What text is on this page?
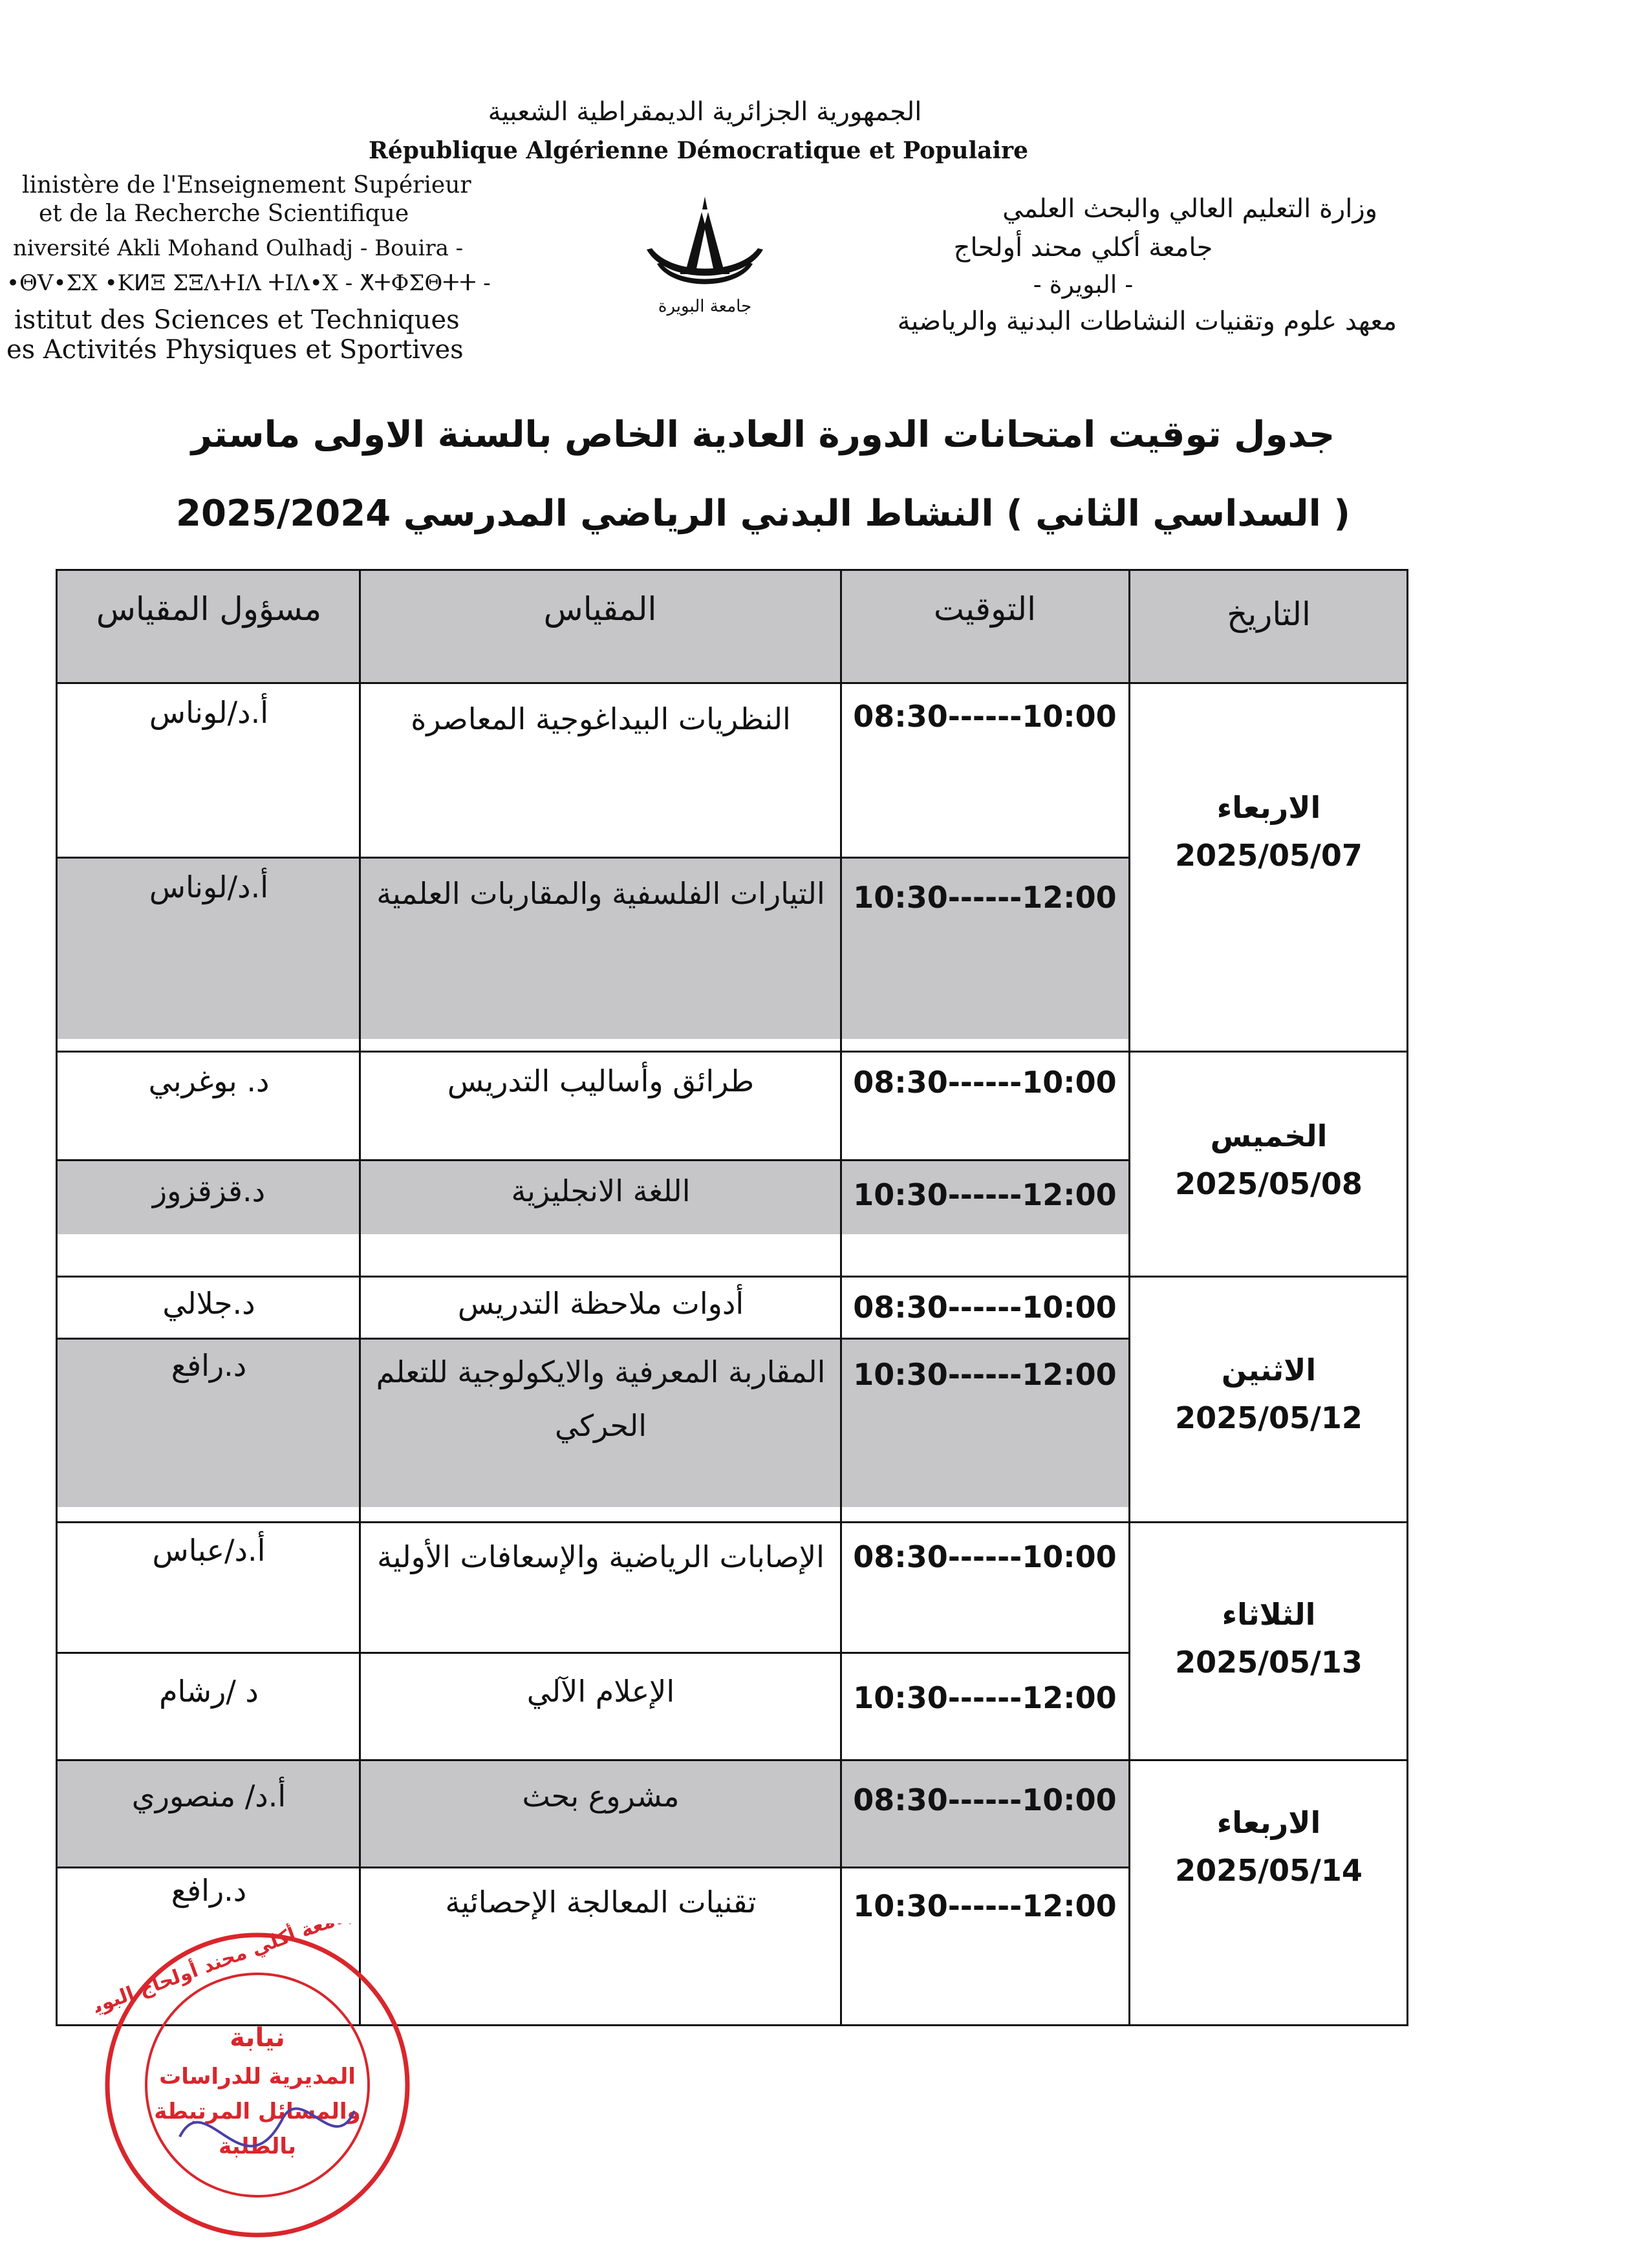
الجمهورية الجزائرية الديمقراطية الشعبية
République Algérienne Démocratique et Populaire
linistère de l'Enseignement Supérieur
et de la Recherche Scientifique
niversité Akli Mohand Oulhadj - Bouira -
•ΘV•ΣX •ΚⵍΞ ΣΞΛⵜΙΛ ⵜΙΛ•Χ - ⵅⵜΦΣΘⵜⵜ -
istitut des Sciences et Techniques
es Activités Physiques et Sportives
جامعة البويرة
وزارة التعليم العالي والبحث العلمي
جامعة أكلي محند أولحاج
- البويرة -
معهد علوم وتقنيات النشاطات البدنية والرياضية
جدول توقيت امتحانات الدورة العادية الخاص بالسنة الاولى ماستر
( السداسي الثاني ) النشاط البدني الرياضي المدرسي 2025/2024
التاريخ
التوقيت
المقياس
مسؤول المقياس
الاربعاء
2025/05/07
الخميس
2025/05/08
الاثنين
2025/05/12
الثلاثاء
2025/05/13
الاربعاء
2025/05/14
08:30------10:00
النظريات البيداغوجية المعاصرة
أ.د/لوناس
10:30------12:00
التيارات الفلسفية والمقاربات العلمية
أ.د/لوناس
08:30------10:00
طرائق وأساليب التدريس
د. بوغربي
10:30------12:00
اللغة الانجليزية
د.قزقزوز
08:30------10:00
أدوات ملاحظة التدريس
د.جلالي
10:30------12:00
المقاربة المعرفية والايكولوجية للتعلم الحركي
د.رافع
08:30------10:00
الإصابات الرياضية والإسعافات الأولية
أ.د/عباس
10:30------12:00
الإعلام الآلي
د /رشام
08:30------10:00
مشروع بحث
أ.د/ منصوري
10:30------12:00
تقنيات المعالجة الإحصائية
د.رافع
نيابة
المديرية للدراسات
والمسائل المرتبطة
بالطلبة
جامعة أكلي محند أولحاج البويرة
